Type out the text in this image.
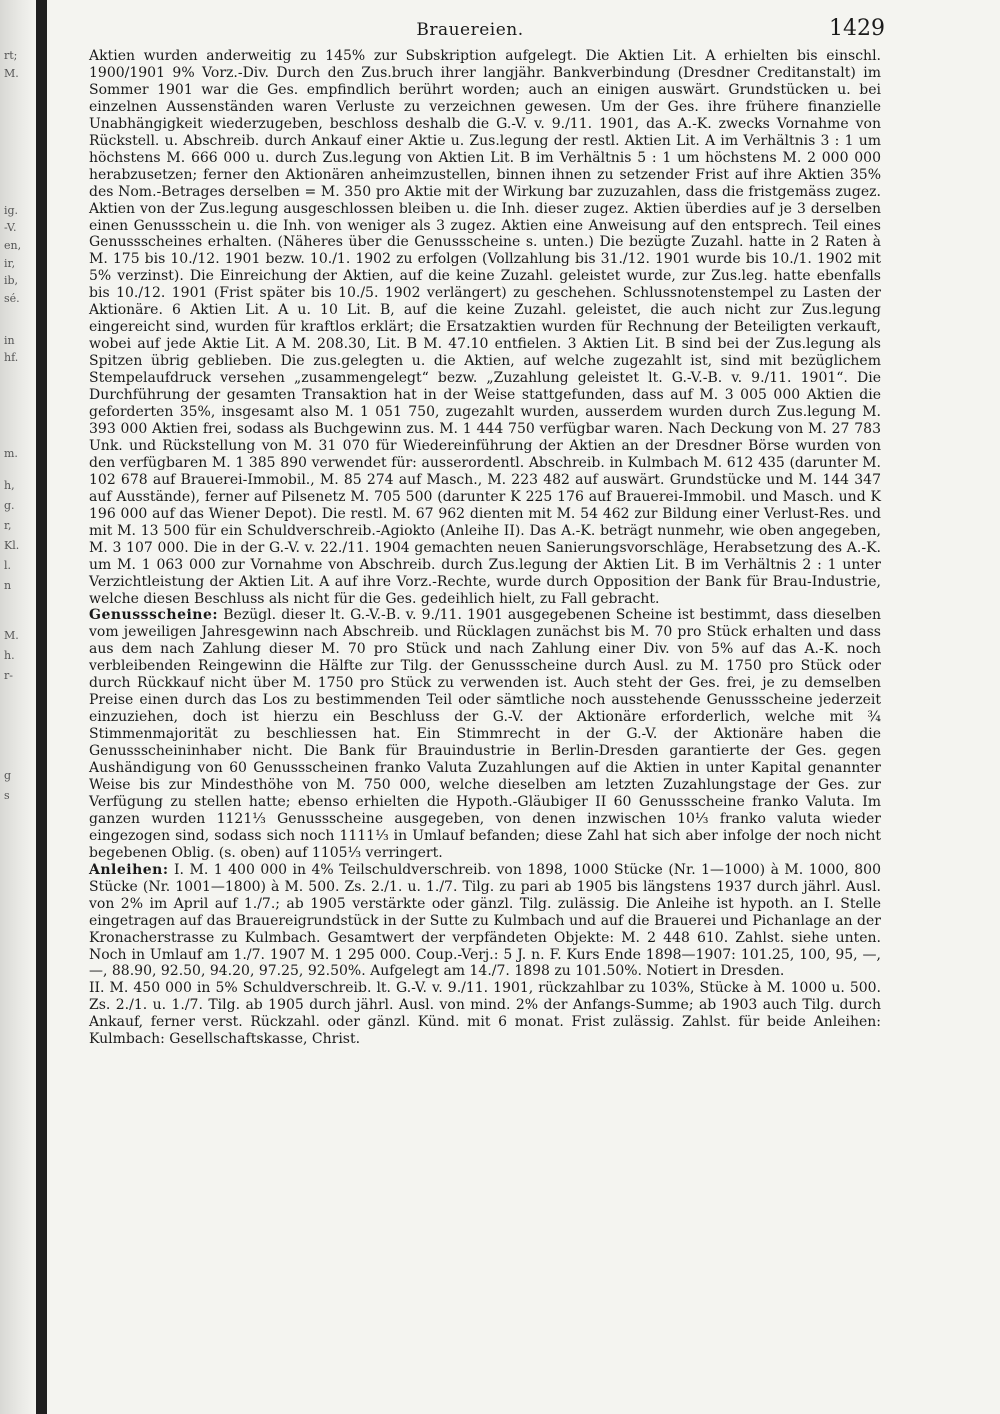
rt;
M.
ig.
-V.
en,
ir,
ib,
sé.
in
hf.
m.
h,
g.
r,
Kl.
l.
n
M.
h.
r-
g
s
Brauereien.	1429

Aktien wurden anderweitig zu 145% zur Subskription aufgelegt. Die Aktien Lit. A erhielten bis einschl. 1900/1901 9% Vorz.-Div. Durch den Zus.bruch ihrer langjähr. Bankverbindung (Dresdner Creditanstalt) im Sommer 1901 war die Ges. empfindlich berührt worden; auch an einigen auswärt. Grundstücken u. bei einzelnen Aussenständen waren Verluste zu verzeichnen gewesen. Um der Ges. ihre frühere finanzielle Unabhängigkeit wiederzugeben, beschloss deshalb die G.-V. v. 9./11. 1901, das A.-K. zwecks Vornahme von Rückstell. u. Abschreib. durch Ankauf einer Aktie u. Zus.legung der restl. Aktien Lit. A im Verhältnis 3 : 1 um höchstens M. 666 000 u. durch Zus.legung von Aktien Lit. B im Verhältnis 5 : 1 um höchstens M. 2 000 000 herabzusetzen; ferner den Aktionären anheimzustellen, binnen ihnen zu setzender Frist auf ihre Aktien 35% des Nom.-Betrages derselben = M. 350 pro Aktie mit der Wirkung bar zuzuzahlen, dass die fristgemäss zugez. Aktien von der Zus.legung ausgeschlossen bleiben u. die Inh. dieser zugez. Aktien überdies auf je 3 derselben einen Genussschein u. die Inh. von weniger als 3 zugez. Aktien eine Anweisung auf den entsprech. Teil eines Genussscheines erhalten. (Näheres über die Genussscheine s. unten.) Die bezügte Zuzahl. hatte in 2 Raten à M. 175 bis 10./12. 1901 bezw. 10./1. 1902 zu erfolgen (Vollzahlung bis 31./12. 1901 wurde bis 10./1. 1902 mit 5% verzinst). Die Einreichung der Aktien, auf die keine Zuzahl. geleistet wurde, zur Zus.leg. hatte ebenfalls bis 10./12. 1901 (Frist später bis 10./5. 1902 verlängert) zu geschehen. Schlussnotenstempel zu Lasten der Aktionäre. 6 Aktien Lit. A u. 10 Lit. B, auf die keine Zuzahl. geleistet, die auch nicht zur Zus.legung eingereicht sind, wurden für kraftlos erklärt; die Ersatzaktien wurden für Rechnung der Beteiligten verkauft, wobei auf jede Aktie Lit. A M. 208.30, Lit. B M. 47.10 entfielen. 3 Aktien Lit. B sind bei der Zus.legung als Spitzen übrig geblieben. Die zus.gelegten u. die Aktien, auf welche zugezahlt ist, sind mit bezüglichem Stempelaufdruck versehen „zusammengelegt“ bezw. „Zuzahlung geleistet lt. G.-V.-B. v. 9./11. 1901“. Die Durchführung der gesamten Transaktion hat in der Weise stattgefunden, dass auf M. 3 005 000 Aktien die geforderten 35%, insgesamt also M. 1 051 750, zugezahlt wurden, ausserdem wurden durch Zus.legung M. 393 000 Aktien frei, sodass als Buchgewinn zus. M. 1 444 750 verfügbar waren. Nach Deckung von M. 27 783 Unk. und Rückstellung von M. 31 070 für Wiedereinführung der Aktien an der Dresdner Börse wurden von den verfügbaren M. 1 385 890 verwendet für: ausserordentl. Abschreib. in Kulmbach M. 612 435 (darunter M. 102 678 auf Brauerei-Immobil., M. 85 274 auf Masch., M. 223 482 auf auswärt. Grundstücke und M. 144 347 auf Ausstände), ferner auf Pilsenetz M. 705 500 (darunter K 225 176 auf Brauerei-Immobil. und Masch. und K 196 000 auf das Wiener Depot). Die restl. M. 67 962 dienten mit M. 54 462 zur Bildung einer Verlust-Res. und mit M. 13 500 für ein Schuldverschreib.-Agiokto (Anleihe II). Das A.-K. beträgt nunmehr, wie oben angegeben, M. 3 107 000. Die in der G.-V. v. 22./11. 1904 gemachten neuen Sanierungsvorschläge, Herabsetzung des A.-K. um M. 1 063 000 zur Vornahme von Abschreib. durch Zus.legung der Aktien Lit. B im Verhältnis 2 : 1 unter Verzichtleistung der Aktien Lit. A auf ihre Vorz.-Rechte, wurde durch Opposition der Bank für Brau-Industrie, welche diesen Beschluss als nicht für die Ges. gedeihlich hielt, zu Fall gebracht.

Genussscheine: Bezügl. dieser lt. G.-V.-B. v. 9./11. 1901 ausgegebenen Scheine ist bestimmt, dass dieselben vom jeweiligen Jahresgewinn nach Abschreib. und Rücklagen zunächst bis M. 70 pro Stück erhalten und dass aus dem nach Zahlung dieser M. 70 pro Stück und nach Zahlung einer Div. von 5% auf das A.-K. noch verbleibenden Reingewinn die Hälfte zur Tilg. der Genussscheine durch Ausl. zu M. 1750 pro Stück oder durch Rückkauf nicht über M. 1750 pro Stück zu verwenden ist. Auch steht der Ges. frei, je zu demselben Preise einen durch das Los zu bestimmenden Teil oder sämtliche noch ausstehende Genussscheine jederzeit einzuziehen, doch ist hierzu ein Beschluss der G.-V. der Aktionäre erforderlich, welche mit ¾ Stimmenmajorität zu beschliessen hat. Ein Stimmrecht in der G.-V. der Aktionäre haben die Genussscheininhaber nicht. Die Bank für Brauindustrie in Berlin-Dresden garantierte der Ges. gegen Aushändigung von 60 Genussscheinen franko Valuta Zuzahlungen auf die Aktien in unter Kapital genannter Weise bis zur Mindesthöhe von M. 750 000, welche dieselben am letzten Zuzahlungstage der Ges. zur Verfügung zu stellen hatte; ebenso erhielten die Hypoth.-Gläubiger II 60 Genussscheine franko Valuta. Im ganzen wurden 1121⅓ Genussscheine ausgegeben, von denen inzwischen 10⅓ franko valuta wieder eingezogen sind, sodass sich noch 1111⅓ in Umlauf befanden; diese Zahl hat sich aber infolge der noch nicht begebenen Oblig. (s. oben) auf 1105⅓ verringert.

Anleihen: I. M. 1 400 000 in 4% Teilschuldverschreib. von 1898, 1000 Stücke (Nr. 1—1000) à M. 1000, 800 Stücke (Nr. 1001—1800) à M. 500. Zs. 2./1. u. 1./7. Tilg. zu pari ab 1905 bis längstens 1937 durch jährl. Ausl. von 2% im April auf 1./7.; ab 1905 verstärkte oder gänzl. Tilg. zulässig. Die Anleihe ist hypoth. an I. Stelle eingetragen auf das Brauereigrundstück in der Sutte zu Kulmbach und auf die Brauerei und Pichanlage an der Kronacherstrasse zu Kulmbach. Gesamtwert der verpfändeten Objekte: M. 2 448 610. Zahlst. siehe unten. Noch in Umlauf am 1./7. 1907 M. 1 295 000. Coup.-Verj.: 5 J. n. F. Kurs Ende 1898—1907: 101.25, 100, 95, —, —, 88.90, 92.50, 94.20, 97.25, 92.50%. Aufgelegt am 14./7. 1898 zu 101.50%. Notiert in Dresden.

II. M. 450 000 in 5% Schuldverschreib. lt. G.-V. v. 9./11. 1901, rückzahlbar zu 103%, Stücke à M. 1000 u. 500. Zs. 2./1. u. 1./7. Tilg. ab 1905 durch jährl. Ausl. von mind. 2% der Anfangs-Summe; ab 1903 auch Tilg. durch Ankauf, ferner verst. Rückzahl. oder gänzl. Künd. mit 6 monat. Frist zulässig. Zahlst. für beide Anleihen: Kulmbach: Gesellschaftskasse, Christ.
